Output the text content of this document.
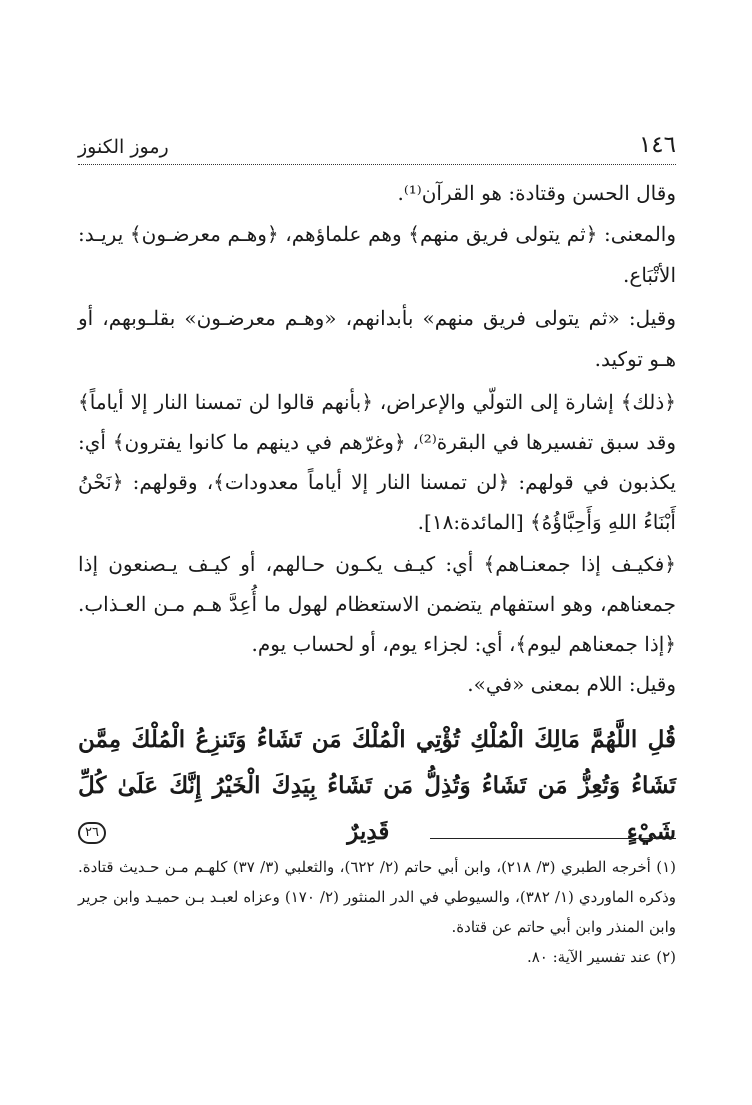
١٤٦
رموز الكنوز

وقال الحسن وقتادة: هو القرآن⁽¹⁾.

والمعنى: ﴿ثم يتولى فريق منهم﴾ وهم علماؤهم، ﴿وهـم معرضـون﴾ يريـد: الأتْبَاع.

وقيل: «ثم يتولى فريق منهم» بأبدانهم، «وهـم معرضـون» بقلـوبهم، أو هـو توكيد.

﴿ذلك﴾ إشارة إلى التولّي والإعراض، ﴿بأنهم قالوا لن تمسنا النار إلا أياماً﴾ وقد سبق تفسيرها في البقرة⁽²⁾، ﴿وغرّهم في دينهم ما كانوا يفترون﴾ أي: يكذبون في قولهم: ﴿لن تمسنا النار إلا أياماً معدودات﴾، وقولهم: ﴿نَحْنُ أَبْنَاءُ اللهِ وَأَحِبَّاؤُهُ﴾ [المائدة:١٨].

﴿فكيـف إذا جمعنـاهم﴾ أي: كيـف يكـون حـالهم، أو كيـف يـصنعون إذا جمعناهم، وهو استفهام يتضمن الاستعظام لهول ما أُعِدَّ هـم مـن العـذاب. ﴿إذا جمعناهم ليوم﴾، أي: لجزاء يوم، أو لحساب يوم.

وقيل: اللام بمعنى «في».

قُلِ اللَّهُمَّ مَالِكَ الْمُلْكِ تُؤْتِي الْمُلْكَ مَن تَشَاءُ وَتَنزِعُ الْمُلْكَ مِمَّن تَشَاءُ وَتُعِزُّ مَن تَشَاءُ وَتُذِلُّ مَن تَشَاءُ بِيَدِكَ الْخَيْرُ إِنَّكَ عَلَىٰ كُلِّ شَيْءٍ قَدِيرٌ ٢٦

(١) أخرجه الطبري (٣/ ٢١٨)، وابن أبي حاتم (٢/ ٦٢٢)، والثعلبي (٣/ ٣٧) كلهـم مـن حـديث قتادة. وذكره الماوردي (١/ ٣٨٢)، والسيوطي في الدر المنثور (٢/ ١٧٠) وعزاه لعبـد بـن حميـد وابن جرير وابن المنذر وابن أبي حاتم عن قتادة.

(٢) عند تفسير الآية: ٨٠.
